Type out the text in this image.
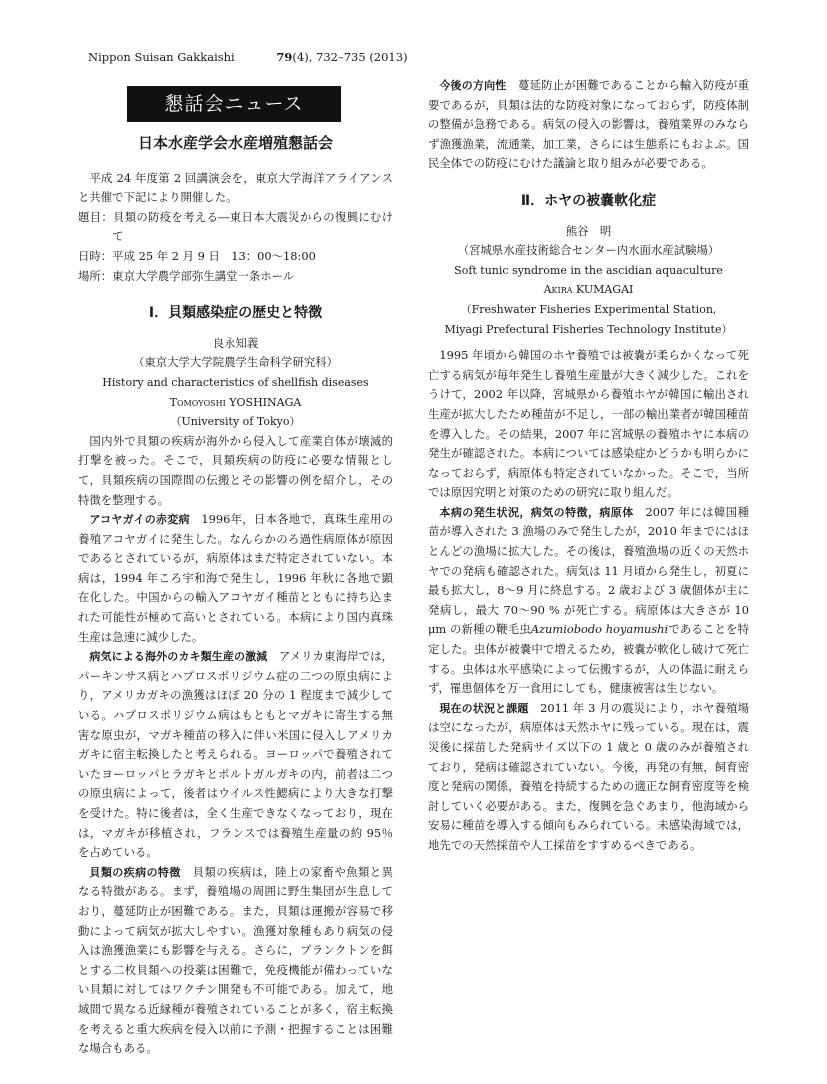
Nippon Suisan Gakkaishi	79(4), 732–735 (2013)
懇話会ニュース
日本水産学会水産増殖懇話会

平成 24 年度第 2 回講演会を，東京大学海洋アライアンスと共催で下記により開催した。

題目：貝類の防疫を考える―東日本大震災からの復興にむけて

日時：平成 25 年 2 月 9 日　13：00～18:00

場所：東京大学農学部弥生講堂一条ホール

Ⅰ．貝類感染症の歴史と特徴

良永知義

（東京大学大学院農学生命科学研究科）

History and characteristics of shellfish diseases

Tomoyoshi YOSHINAGA

（University of Tokyo）

国内外で貝類の疾病が海外から侵入して産業自体が壊滅的打撃を被った。そこで，貝類疾病の防疫に必要な情報として，貝類疾病の国際間の伝搬とその影響の例を紹介し，その特徴を整理する。

アコヤガイの赤変病　1996年，日本各地で，真珠生産用の養殖アコヤガイに発生した。なんらかのろ過性病原体が原因であるとされているが，病原体はまだ特定されていない。本病は，1994 年ころ宇和海で発生し，1996 年秋に各地で顕在化した。中国からの輸入アコヤガイ種苗とともに持ち込まれた可能性が極めて高いとされている。本病により国内真珠生産は急速に減少した。

病気による海外のカキ類生産の激減　アメリカ東海岸では，パーキンサス病とハプロスポリジウム症の二つの原虫病により，アメリカガキの漁獲はほぼ 20 分の 1 程度まで減少している。ハプロスポリジウム病はもともとマガキに寄生する無害な原虫が，マガキ種苗の移入に伴い米国に侵入しアメリカガキに宿主転換したと考えられる。ヨーロッパで養殖されていたヨーロッパヒラガキとポルトガルガキの内，前者は二つの原虫病によって，後者はウイルス性鰓病により大きな打撃を受けた。特に後者は，全く生産できなくなっており，現在は，マガキが移植され，フランスでは養殖生産量の約 95％ を占めている。

貝類の疾病の特徴　貝類の疾病は，陸上の家畜や魚類と異なる特徴がある。まず，養殖場の周囲に野生集団が生息しており，蔓延防止が困難である。また，貝類は運搬が容易で移動によって病気が拡大しやすい。漁獲対象種もあり病気の侵入は漁獲漁業にも影響を与える。さらに，プランクトンを餌とする二枚貝類への投薬は困難で，免疫機能が備わっていない貝類に対してはワクチン開発も不可能である。加えて，地域間で異なる近縁種が養殖されていることが多く，宿主転換を考えると重大疾病を侵入以前に予測・把握することは困難な場合もある。

今後の方向性　蔓延防止が困難であることから輸入防疫が重要であるが，貝類は法的な防疫対象になっておらず，防疫体制の整備が急務である。病気の侵入の影響は，養殖業界のみならず漁獲漁業，流通業，加工業，さらには生態系にもおよぶ。国民全体での防疫にむけた議論と取り組みが必要である。

Ⅱ．ホヤの被嚢軟化症

熊谷　明

（宮城県水産技術総合センター内水面水産試験場）

Soft tunic syndrome in the ascidian aquaculture

Akira KUMAGAI

（Freshwater Fisheries Experimental Station,

Miyagi Prefectural Fisheries Technology Institute）

1995 年頃から韓国のホヤ養殖では被嚢が柔らかくなって死亡する病気が毎年発生し養殖生産量が大きく減少した。これをうけて，2002 年以降，宮城県から養殖ホヤが韓国に輸出され生産が拡大したため種苗が不足し，一部の輸出業者が韓国種苗を導入した。その結果，2007 年に宮城県の養殖ホヤに本病の発生が確認された。本病については感染症かどうかも明らかになっておらず，病原体も特定されていなかった。そこで，当所では原因究明と対策のための研究に取り組んだ。

本病の発生状況，病気の特徴，病原体　2007 年には韓国種苗が導入された 3 漁場のみで発生したが，2010 年までにはほとんどの漁場に拡大した。その後は，養殖漁場の近くの天然ホヤでの発病も確認された。病気は 11 月頃から発生し，初夏に最も拡大し，8～9 月に終息する。2 歳および 3 歳個体が主に発病し，最大 70～90 % が死亡する。病原体は大きさが 10 μm の新種の鞭毛虫Azumiobodo hoyamushiであることを特定した。虫体が被嚢中で増えるため，被嚢が軟化し破けて死亡する。虫体は水平感染によって伝搬するが，人の体温に耐えらず，罹患個体を万一食用にしても，健康被害は生じない。

現在の状況と課題　2011 年 3 月の震災により，ホヤ養殖場は空になったが，病原体は天然ホヤに残っている。現在は，震災後に採苗した発病サイズ以下の 1 歳と 0 歳のみが養殖されており，発病は確認されていない。今後，再発の有無，飼育密度と発病の関係，養殖を持続するための適正な飼育密度等を検討していく必要がある。また，復興を急ぐあまり，他海域から安易に種苗を導入する傾向もみられている。未感染海域では，地先での天然採苗や人工採苗をすすめるべきである。
